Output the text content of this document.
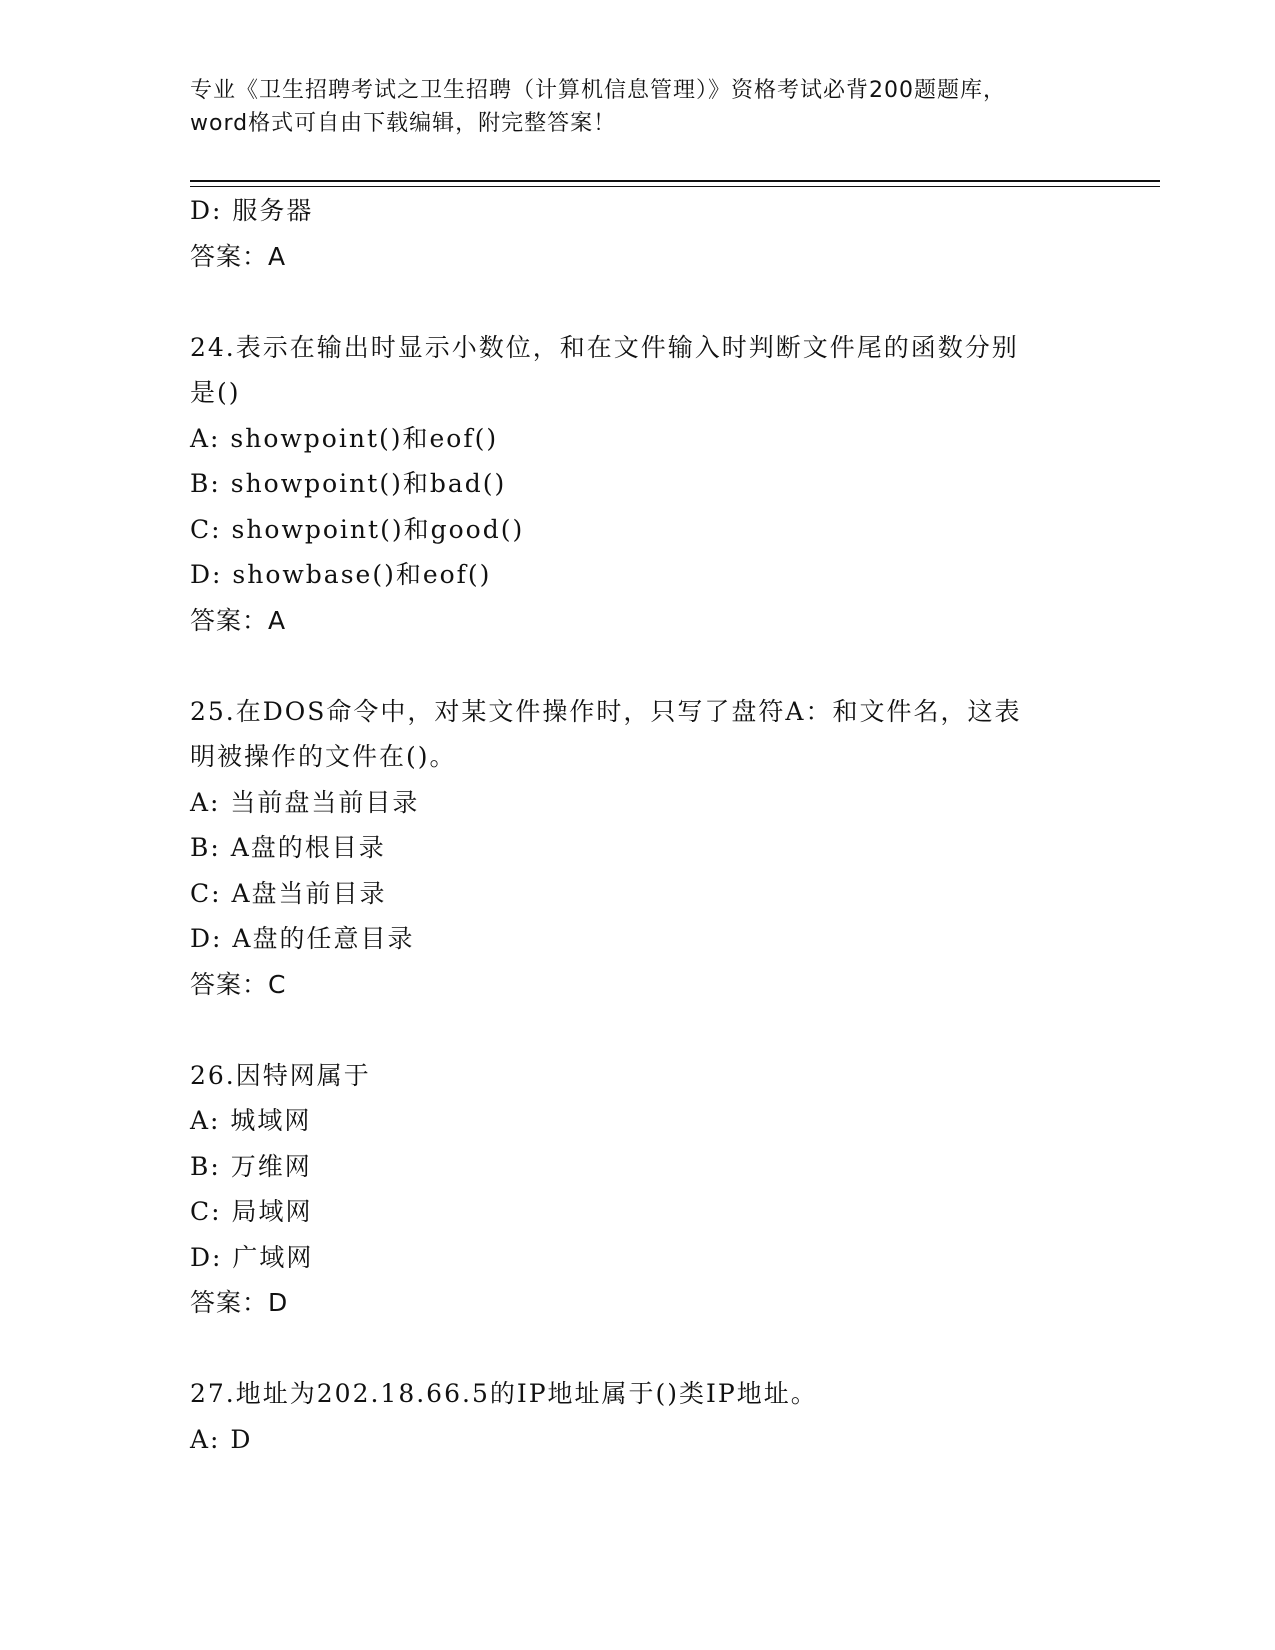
专业《卫生招聘考试之卫生招聘（计算机信息管理）》资格考试必背200题题库，
word格式可自由下载编辑，附完整答案！
D: 服务器
答案：A
24.表示在输出时显示小数位，和在文件输入时判断文件尾的函数分别
是()
A: showpoint()和eof()
B: showpoint()和bad()
C: showpoint()和good()
D: showbase()和eof()
答案：A
25.在DOS命令中，对某文件操作时，只写了盘符A：和文件名，这表
明被操作的文件在()。
A: 当前盘当前目录
B: A盘的根目录
C: A盘当前目录
D: A盘的任意目录
答案：C
26.因特网属于
A: 城域网
B: 万维网
C: 局域网
D: 广域网
答案：D
27.地址为202.18.66.5的IP地址属于()类IP地址。
A: D
